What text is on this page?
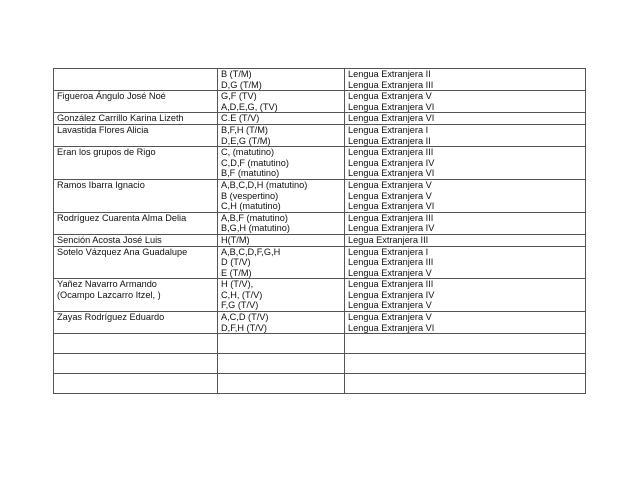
	B (T/M)
D,G (T/M)	Lengua Extranjera II
Lengua Extranjera III

Figueroa Ángulo José Noé	G,F (TV)
A,D,E,G, (TV)	Lengua Extranjera V
Lengua Extranjera VI

González Carrillo Karina Lizeth	C.E (T/V)	Lengua Extranjera VI

Lavastida Flores Alicia	B,F,H (T/M)
D,E,G (T/M)	Lengua Extranjera I
Lengua Extranjera II

Eran los grupos de Rigo	C, (matutino)
C,D,F (matutino)
B,F (matutino)	Lengua Extranjera III
Lengua Extranjera IV
Lengua Extranjera VI

Ramos Ibarra Ignacio	A,B,C,D,H (matutino)
B (vespertino)
C,H (matutino)	Lengua Extranjera V
Lengua Extranjera V
Lengua Extranjera VI

Rodríguez Cuarenta Alma Delia	A,B,F (matutino)
B,G,H (matutino)	Lengua Extranjera III
Lengua Extranjera IV

Sención Acosta José Luis	H(T/M)	Legua Extranjera III

Sotelo Vázquez Ana Guadalupe	A,B,C,D,F,G,H
D (T/V)
E (T/M)	Lengua Extranjera I
Lengua Extranjera III
Lengua Extranjera V

Yañez Navarro Armando
(Ocampo Lazcarro Itzel, )	H (T/V),
C,H, (T/V)
F,G (T/V)	Lengua Extranjera III
Lengua Extranjera IV
Lengua Extranjera V

Zayas Rodríguez Eduardo	A,C,D (T/V)
D,F,H (T/V)	Lengua Extranjera V
Lengua Extranjera VI
